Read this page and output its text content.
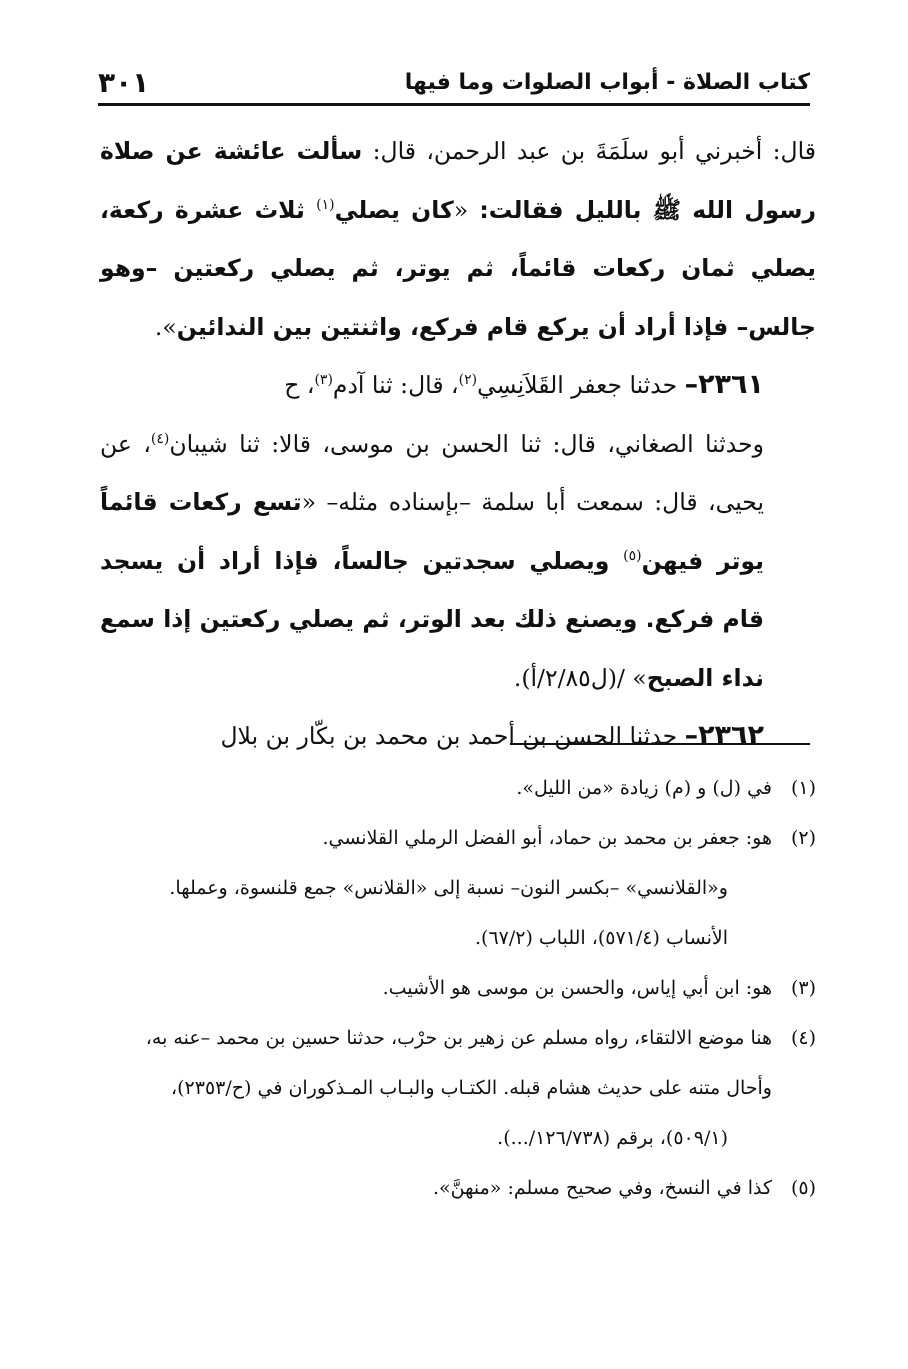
كتاب الصلاة - أبواب الصلوات وما فيها
٣٠١

قال: أخبرني أبو سلَمَةَ بن عبد الرحمن، قال: سألت عائشة عن صلاة رسول الله ﷺ بالليل فقالت: «كان يصلي$^{(١)}$ ثلاث عشرة ركعة، يصلي ثمان ركعات قائماً، ثم يوتر، ثم يصلي ركعتين –وهو جالس– فإذا أراد أن يركع قام فركع، واثنتين بين الندائين».

٢٣٦١– حدثنا جعفر القَلاَنِسِي$^{(٢)}$، قال: ثنا آدم$^{(٣)}$، ح

وحدثنا الصغاني، قال: ثنا الحسن بن موسى، قالا: ثنا شيبان$^{(٤)}$، عن يحيى، قال: سمعت أبا سلمة –بإسناده مثله– «تسع ركعات قائماً يوتر فيهن$^{(٥)}$ ويصلي سجدتين جالساً، فإذا أراد أن يسجد قام فركع. ويصنع ذلك بعد الوتر، ثم يصلي ركعتين إذا سمع نداء الصبح» /(ل٢/٨٥/أ).

٢٣٦٢– حدثنا الحسن بن أحمد بن محمد بن بكّار بن بلال

(١)
في (ل) و (م) زيادة «من الليل».
(٢)
هو: جعفر بن محمد بن حماد، أبو الفضل الرملي القلانسي.
و«القلانسي» –بكسر النون– نسبة إلى «القلانس» جمع قلنسوة، وعملها.
الأنساب (٥٧١/٤)، اللباب (٦٧/٢).
(٣)
هو: ابن أبي إياس، والحسن بن موسى هو الأشيب.
(٤)
هنا موضع الالتقاء، رواه مسلم عن زهير بن حرْب، حدثنا حسين بن محمد –عنه به،
وأحال متنه على حديث هشام قبله. الكتـاب والبـاب المـذكوران في (ح/٢٣٥٣)،
(٥٠٩/١)، برقم (١٢٦/٧٣٨/...).
(٥)
كذا في النسخ، وفي صحيح مسلم: «منهنَّ».
